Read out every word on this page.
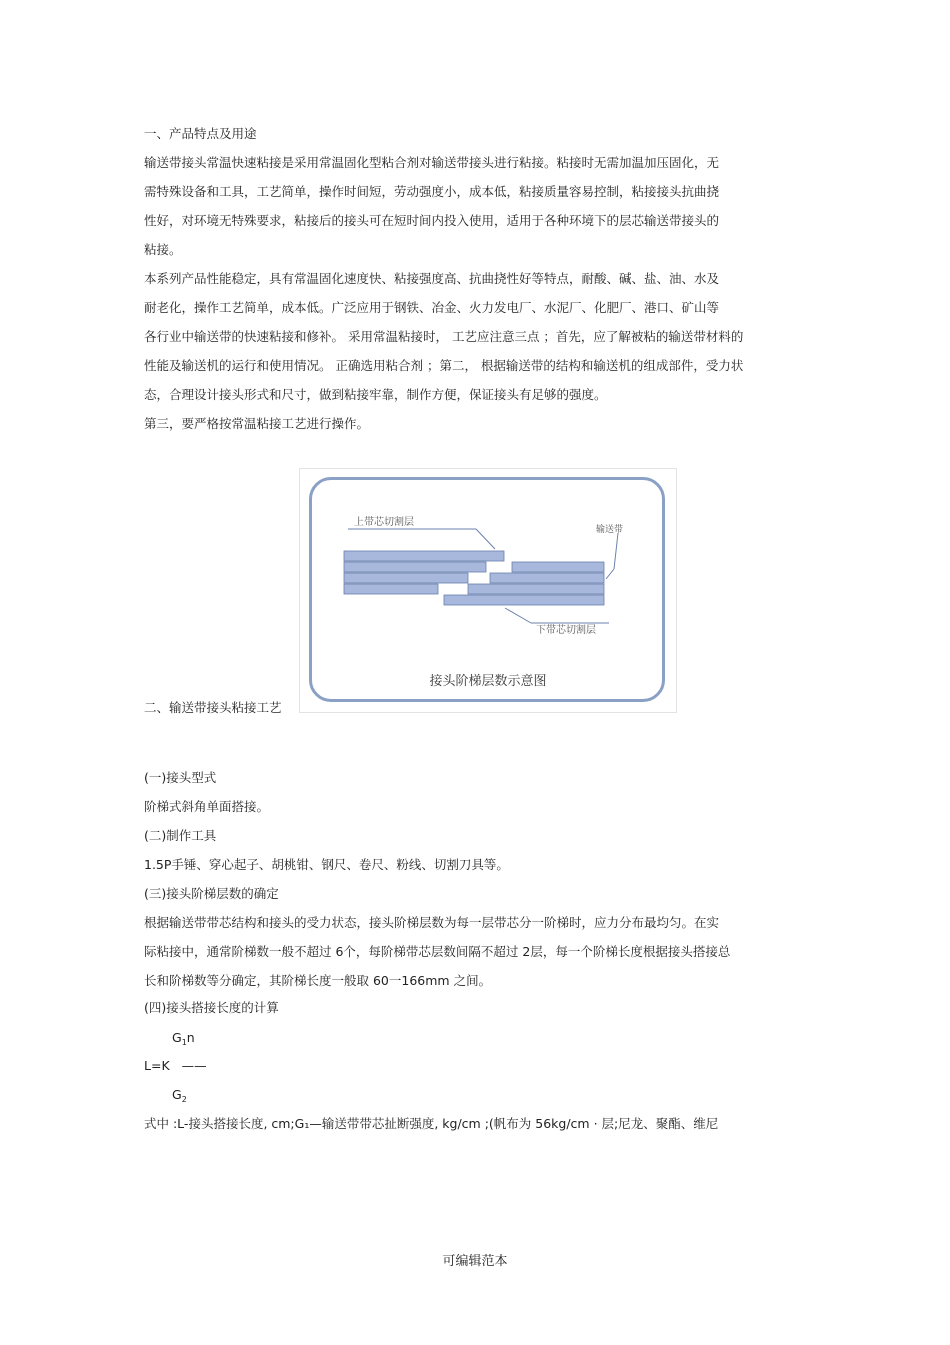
一、产品特点及用途
输送带接头常温快速粘接是采用常温固化型粘合剂对输送带接头进行粘接。粘接时无需加温加压固化，无
需特殊设备和工具，工艺简单，操作时间短，劳动强度小，成本低，粘接质量容易控制，粘接接头抗曲挠
性好，对环境无特殊要求，粘接后的接头可在短时间内投入使用，适用于各种环境下的层芯输送带接头的
粘接。
本系列产品性能稳定，具有常温固化速度快、粘接强度高、抗曲挠性好等特点，耐酸、碱、盐、油、水及
耐老化，操作工艺简单，成本低。广泛应用于钢铁、冶金、火力发电厂、水泥厂、化肥厂、港口、矿山等
各行业中输送带的快速粘接和修补。 采用常温粘接时， 工艺应注意三点 ；首先，应了解被粘的输送带材料的
性能及输送机的运行和使用情况。 正确选用粘合剂 ；第二， 根据输送带的结构和输送机的组成部件，受力状
态，合理设计接头形式和尺寸，做到粘接牢靠，制作方便，保证接头有足够的强度。
第三，要严格按常温粘接工艺进行操作。
上带芯切割层
输送带
下带芯切割层
接头阶梯层数示意图
二、输送带接头粘接工艺
(一)接头型式
阶梯式斜角单面搭接。
(二)制作工具
1.5P手锤、穿心起子、胡桃钳、钢尺、卷尺、粉线、切割刀具等。
(三)接头阶梯层数的确定
根据输送带带芯结构和接头的受力状态，接头阶梯层数为每一层带芯分一阶梯时，应力分布最均匀。在实
际粘接中，通常阶梯数一般不超过 6个，每阶梯带芯层数间隔不超过 2层，每一个阶梯长度根据接头搭接总
长和阶梯数等分确定，其阶梯长度一般取 60一166mm 之间。
(四)接头搭接长度的计算
$G_1n$
L=K ——
$G_2$
式中 :L-接头搭接长度, cm;G₁—输送带带芯扯断强度, kg/cm ;(帆布为 56kg/cm · 层;尼龙、聚酯、维尼
可编辑范本
